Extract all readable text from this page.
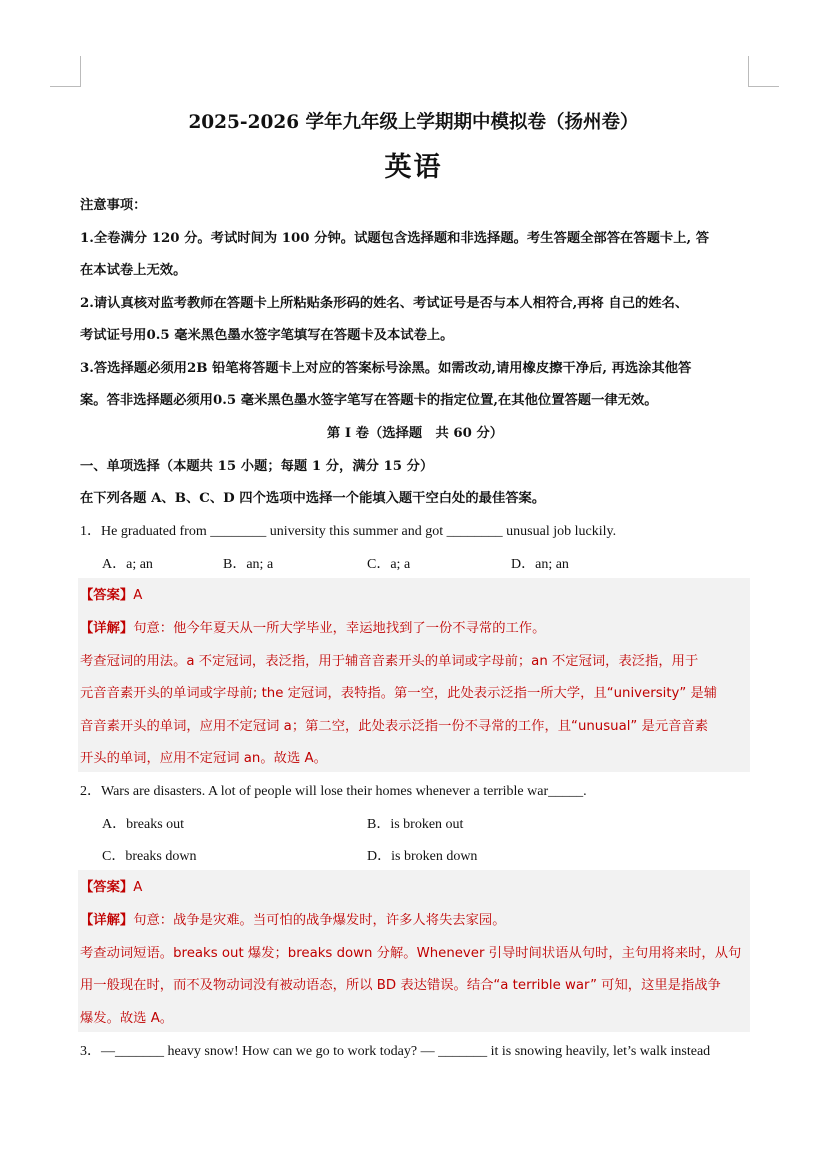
2025-2026 学年九年级上学期期中模拟卷（扬州卷）
英语
注意事项：
1.全卷满分 120 分。考试时间为 100 分钟。试题包含选择题和非选择题。考生答题全部答在答题卡上, 答
在本试卷上无效。
2.请认真核对监考教师在答题卡上所粘贴条形码的姓名、考试证号是否与本人相符合,再将 自己的姓名、
考试证号用0.5 毫米黑色墨水签字笔填写在答题卡及本试卷上。
3.答选择题必须用2B 铅笔将答题卡上对应的答案标号涂黑。如需改动,请用橡皮擦干净后, 再选涂其他答
案。答非选择题必须用0.5 毫米黑色墨水签字笔写在答题卡的指定位置,在其他位置答题一律无效。
第 I 卷（选择题　共 60 分）
一、单项选择（本题共 15 小题；每题 1 分，满分 15 分）
在下列各题 A、B、C、D 四个选项中选择一个能填入题干空白处的最佳答案。
1．He graduated from ________ university this summer and got ________ unusual job luckily.
A．a; an	B．an; a	C．a; a	D．an; an
【答案】A
【详解】句意：他今年夏天从一所大学毕业，幸运地找到了一份不寻常的工作。
考查冠词的用法。a 不定冠词，表泛指，用于辅音音素开头的单词或字母前；an 不定冠词，表泛指，用于
元音音素开头的单词或字母前; the 定冠词，表特指。第一空，此处表示泛指一所大学，且“university” 是辅
音音素开头的单词，应用不定冠词 a；第二空，此处表示泛指一份不寻常的工作，且“unusual” 是元音音素
开头的单词，应用不定冠词 an。故选 A。
2．Wars are disasters. A lot of people will lose their homes whenever a terrible war_____.
A．breaks out	B．is broken out
C．breaks down	D．is broken down
【答案】A
【详解】句意：战争是灾难。当可怕的战争爆发时，许多人将失去家园。
考查动词短语。breaks out 爆发；breaks down 分解。Whenever 引导时间状语从句时，主句用将来时，从句
用一般现在时，而不及物动词没有被动语态，所以 BD 表达错误。结合“a terrible war” 可知，这里是指战争
爆发。故选 A。
3．—_______ heavy snow! How can we go to work today? — _______ it is snowing heavily, let’s walk instead
